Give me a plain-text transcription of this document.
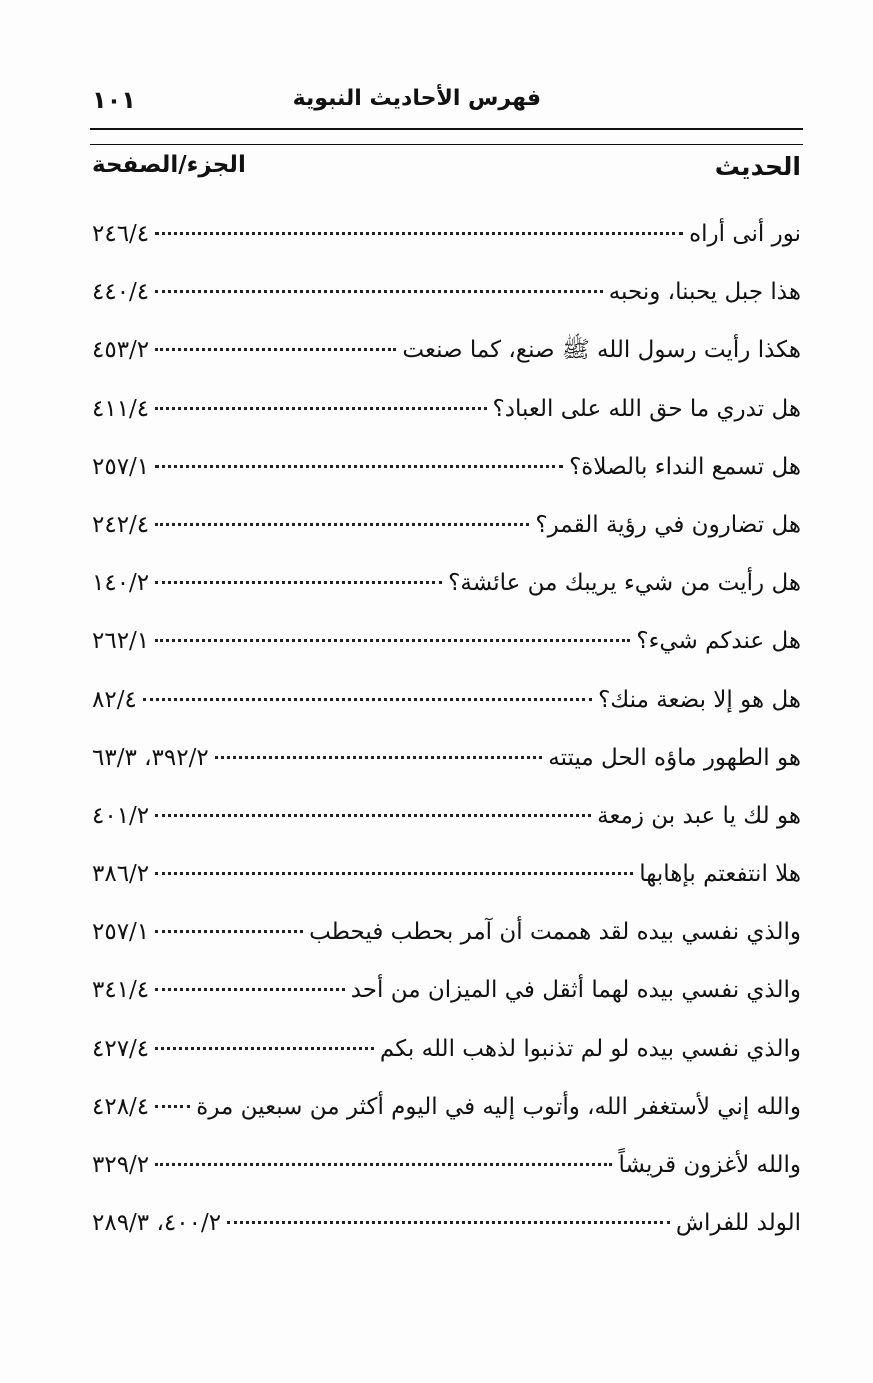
فهرس الأحاديث النبوية
١٠١
الحديث
الجزء/الصفحة
نور أنى أراه
٢٤٦/٤
هذا جبل يحبنا، ونحبه
٤٤٠/٤
هكذا رأيت رسول الله ﷺ صنع، كما صنعت
٤٥٣/٢
هل تدري ما حق الله على العباد؟
٤١١/٤
هل تسمع النداء بالصلاة؟
٢٥٧/١
هل تضارون في رؤية القمر؟
٢٤٢/٤
هل رأيت من شيء يريبك من عائشة؟
١٤٠/٢
هل عندكم شيء؟
٢٦٢/١
هل هو إلا بضعة منك؟
٨٢/٤
هو الطهور ماؤه الحل ميتته
٣٩٢/٢، ٦٣/٣
هو لك يا عبد بن زمعة
٤٠١/٢
هلا انتفعتم بإهابها
٣٨٦/٢
والذي نفسي بيده لقد هممت أن آمر بحطب فيحطب
٢٥٧/١
والذي نفسي بيده لهما أثقل في الميزان من أحد
٣٤١/٤
والذي نفسي بيده لو لم تذنبوا لذهب الله بكم
٤٢٧/٤
والله إني لأستغفر الله، وأتوب إليه في اليوم أكثر من سبعين مرة
٤٢٨/٤
والله لأغزون قريشاً
٣٢٩/٢
الولد للفراش
٤٠٠/٢، ٢٨٩/٣
